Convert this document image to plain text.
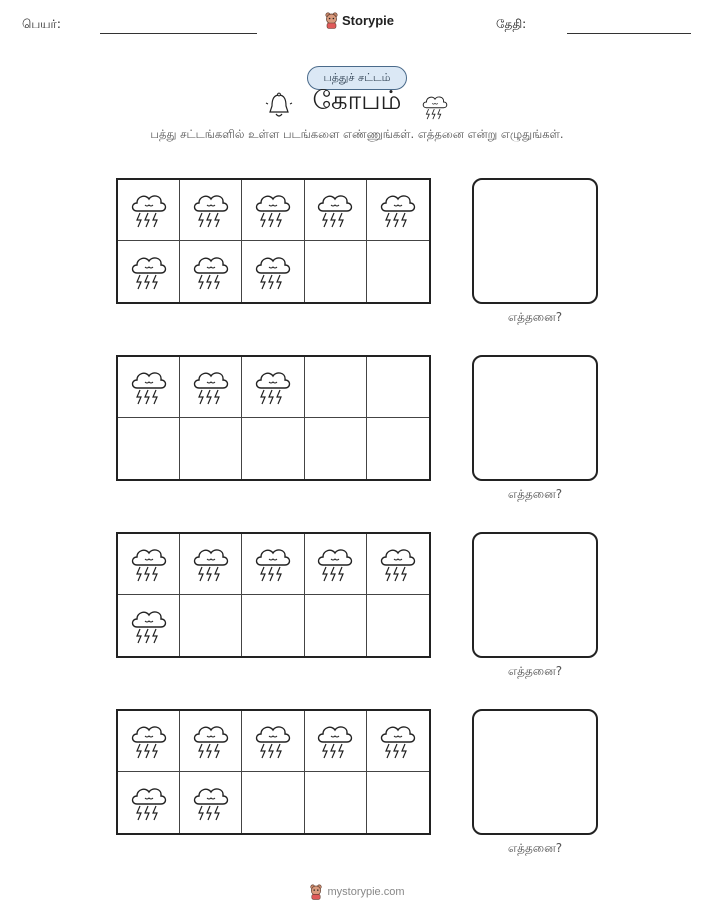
பெயர்:	Storypie	தேதி:
பத்துச் சட்டம்
கோபம்
பத்து சட்டங்களில் உள்ள படங்களை எண்ணுங்கள். எத்தனை என்று எழுதுங்கள்.
எத்தனை?
எத்தனை?
எத்தனை?
எத்தனை?
mystorypie.com
